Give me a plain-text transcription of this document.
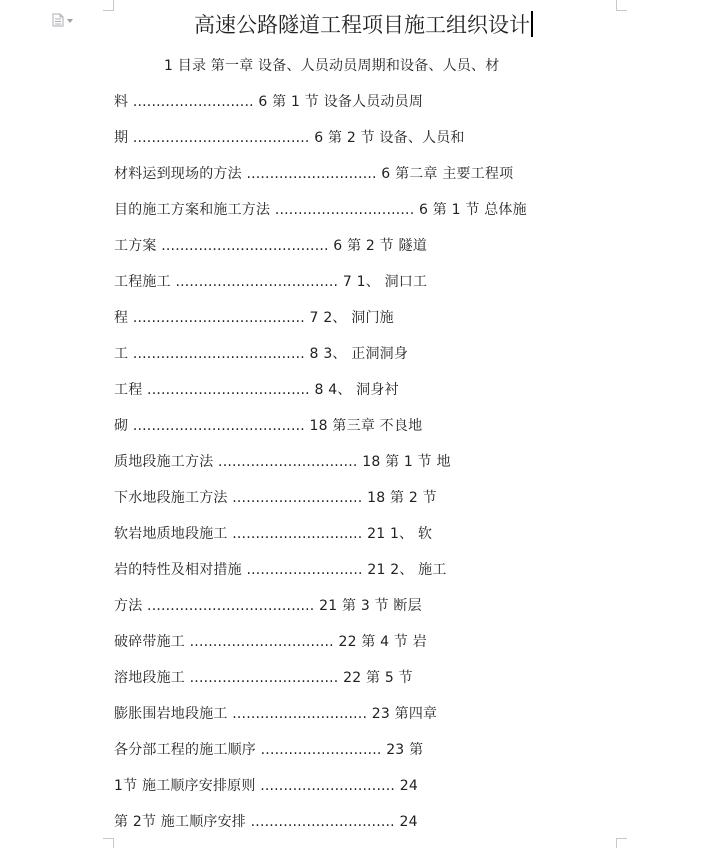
高速公路隧道工程项目施工组织设计
1 目录 第一章 设备、人员动员周期和设备、人员、材
料 .......................... 6 第 1 节 设备人员动员周
期 ...................................... 6 第 2 节 设备、人员和
材料运到现场的方法 ............................ 6 第二章 主要工程项
目的施工方案和施工方法 .............................. 6 第 1 节 总体施
工方案 .................................... 6 第 2 节 隧道
工程施工 ................................... 7 1、 洞口工
程 ..................................... 7 2、 洞门施
工 ..................................... 8 3、 正洞洞身
工程 ................................... 8 4、 洞身衬
砌 ..................................... 18 第三章 不良地
质地段施工方法 .............................. 18 第 1 节 地
下水地段施工方法 ............................ 18 第 2 节
软岩地质地段施工 ............................ 21 1、 软
岩的特性及相对措施 ......................... 21 2、 施工
方法 .................................... 21 第 3 节 断层
破碎带施工 ............................... 22 第 4 节 岩
溶地段施工 ................................ 22 第 5 节
膨胀围岩地段施工 ............................. 23 第四章
各分部工程的施工顺序 .......................... 23 第
1节 施工顺序安排原则 ............................. 24
第 2节 施工顺序安排 ............................... 24
